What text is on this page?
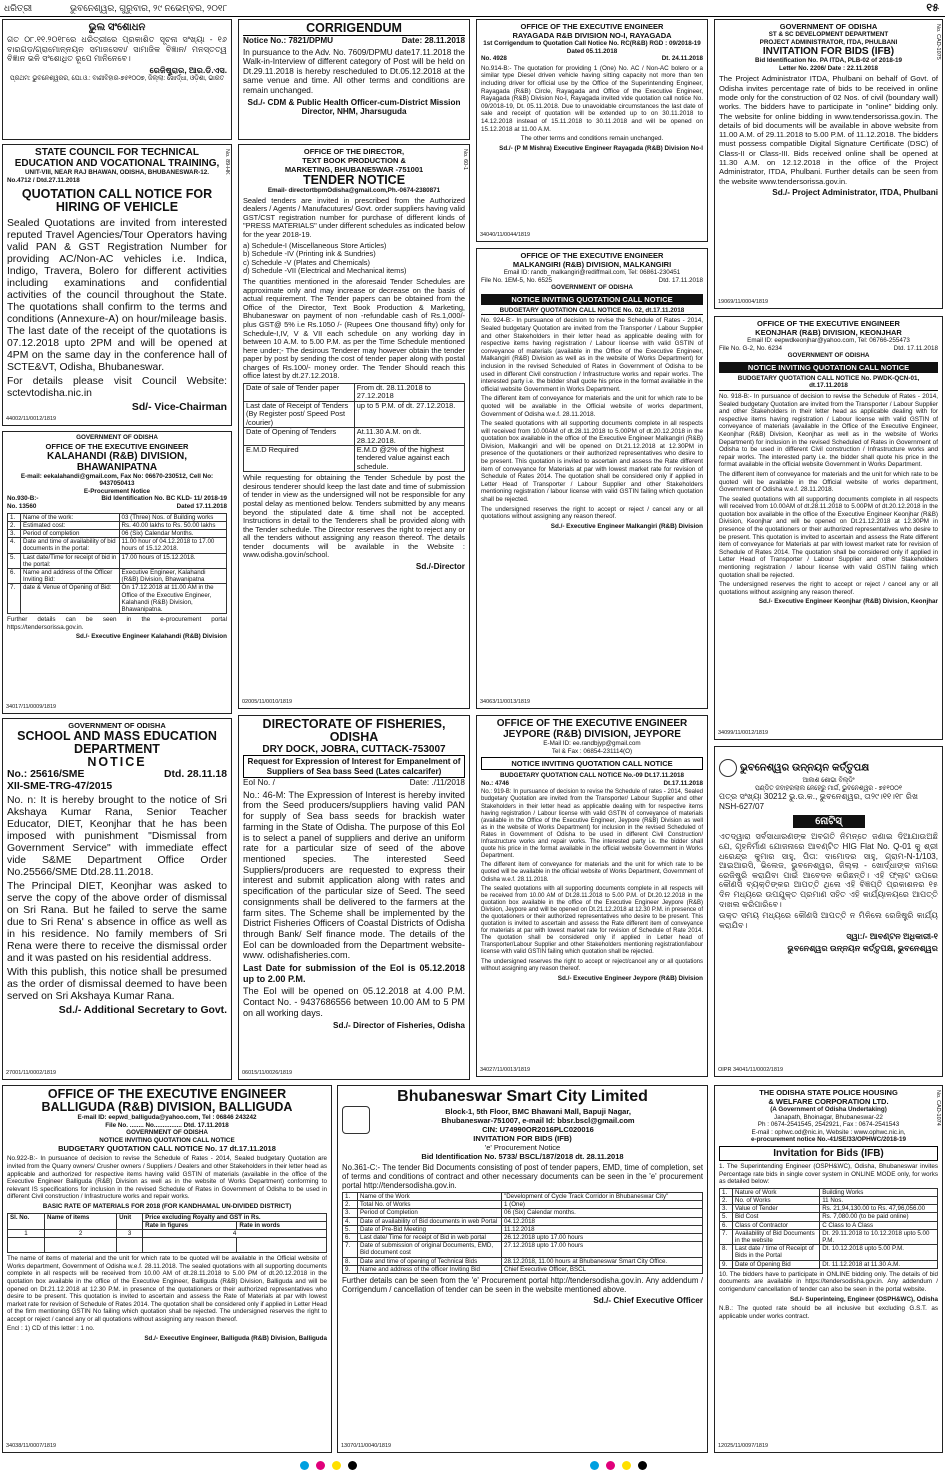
ଧରିତ୍ରୀ	ଭୁବନେଶ୍ୱର, ଗୁରୁବାର, ୨୯ ନଭେମ୍ବର, ୨୦୧୮	୧୫
ଭୁଲ ସଂଶୋଧନ
ଗତ ୦୮.୧୧.୨୦୧୮ରେ ଧରିତ୍ରୀରେ ପ୍ରକାଶିତ ସୂଚନା ସଂଖ୍ୟା - ୧୬ ବାରଗଡ଼/ଗ୍ରାମୋନ୍ନୟନ ସମାଜସେବା/ ସାମାଜିକ ବିଜ୍ଞାନ/ ମନସ୍ତତ୍ୱ ବିଜ୍ଞାନ ଭଳି ସଂଶୋଧିତ ରୂପେ ମାନିନେବେ।
ରେଜିଷ୍ଟ୍ରାର, ଆର.ଡି.ଏସ.
ପ୍ରଥମ: ଭୁବନେଶ୍ୱରର, ଘୋ.ଓ.: ବାଣୀବିହାର-୭୫୧୦୦୭, ଜିଲ୍ଲା: ଖୋର୍ଦ୍ଧା, ଓଡ଼ିଶା, ଭାରତ
CORRIGENDUM
Notice No.: 7821/DPMU	Date: 28.11.2018
In pursuance to the Adv. No. 7609/DPMU date17.11.2018 the Walk-in-Interview of different category of Post will be held on Dt.29.11.2018 is hereby rescheduled to Dt.05.12.2018 at the same venue and time. All other terms and conditions are remain unchanged.
Sd./- CDM & Public Health Officer-cum-District Mission Director, NHM, Jharsuguda
OFFICE OF THE EXECUTIVE ENGINEER
RAYAGADA R&B DIVISION NO-I, RAYAGADA
1st Corrigendum to Quotation Call Notice No. RC(R&B) RGD : 09/2018-19 Dated 05.11.2018
No. 4928	Dt. 24.11.2018
No.914-B:- The quotation for providing 1 (One) No. AC / Non-AC bolero or a similar type Diesel driven vehicle having sitting capacity not more than ten including driver for official use by the Office of the Superintending Engineer, Rayagada (R&B) Circle, Rayagada and Office of the Executive Engineer, Rayagada (R&B) Division No-I, Rayagada invited vide quotation call notice No. 09/2018-19, Dt. 05.11.2018. Due to unavoidable circumstances the last date of sale and receipt of quotation will be extended up to on 30.11.2018 to 14.12.2018 instead of 15.11.2018 to 30.11.2018 and will be opened on 15.12.2018 at 11.00 A.M.
The other terms and conditions remain unchanged.
Sd./- (P M Mishra) Executive Engineer Rayagada (R&B) Division No-I
34040/11/0044/1819
No. CAD-1075
GOVERNMENT OF ODISHA
ST & SC DEVELOPMENT DEPARTMENT
PROJECT ADMINISTRATOR, ITDA, PHULBANI
INVITATION FOR BIDS (IFB)
Bid Identification No. PA ITDA, PLB-02 of 2018-19
Letter No. 2206/ Date : 22.11.2018
The Project Administrator ITDA, Phulbani on behalf of Govt. of Odisha invites percentage rate of bids to be received in online mode only for the construction of 02 Nos. of civil (boundary wall) works. The bidders have to participate in "online" bidding only. The website for online bidding in www.tendersorissa.gov.in. The details of bid documents will be available in above website from 11.00 A.M. of 29.11.2018 to 5.00 P.M. of 11.12.2018. The bidders must possess compatible Digital Signature Certificate (DSC) of Class-II or Class-III. Bids received online shall be opened at 11.30 A.M. on 12.12.2018 in the office of the Project Administrator, ITDA, Phulbani. Further details can be seen from the website www.tendersorissa.gov.in.
Sd./- Project Administrator, ITDA, Phulbani
19069/11/0004/1819
No. 89-HK
STATE COUNCIL FOR TECHNICAL
EDUCATION AND VOCATIONAL TRAINING,
UNIT-VIII, NEAR RAJ BHAWAN, ODISHA, BHUBANESWAR-12.
No.4712 / Dtd.27.11.2018
QUOTATION CALL NOTICE FOR HIRING OF VEHICLE
Sealed Quotations are invited from interested reputed Travel Agencies/Tour Operators having valid PAN & GST Registration Number for providing AC/Non-AC vehicles i.e. Indica, Indigo, Travera, Bolero for different activities including examinations and confidential activities of the council throughout the State. The quotations shall confirm to the terms and conditions (Annexure-A) on hour/mileage basis. The last date of the receipt of the quotations is 07.12.2018 upto 2PM and will be opened at 4PM on the same day in the conference hall of SCTE&VT, Odisha, Bhubaneswar.
For details please visit Council Website: sctevtodisha.nic.in
Sd/- Vice-Chairman
44002/11/0012/1819
No. 60-1
OFFICE OF THE DIRECTOR,
TEXT BOOK PRODUCTION &
MARKETING, BHUBANE5WAR -751001
TENDER NOTICE
Email- directortbpmOdisha@gmail.com,Ph.-0674-2380871
Sealed tenders are invited in prescribed from the Authorized dealers / Agents / Manufacutures/ Govt. order suppliers having valid GST/CST registration number for purchase of different kinds of "PRESS MATERIALS" under different schedules as indicated below for the year 2018-19.
a) Schedule-I (Miscellaneous Store Articles)
b) Schedule -IV (Printing ink & Sundries)
c) Schedule -V (Plates and Chemicals)
d) Schedule -VII (Electrical and Mechanical items)
The quantities mentioned in the aforesaid Tender Schedules are approximate only and may increase or decrease on the basis of actual requirement. The Tender papers can be obtained from the Office of the Director, Text Book Production & Marketing, Bhubaneswar on payment of non -refundable cash of Rs.1,000/-plus GST@ 5% i.e Rs.1050 /- (Rupees One thousand fifty) only for Schedule-I,IV, V & VII each schedule on any working day in between 10 A.M. to 5.00 P.M. as per the Time Schedule mentioned here under;- The desirous Tenderer may however obtain the tender paper by post by sending the cost of tender paper along with postal charges of Rs.100/- money order. The Tender Should reach this office latest by dt.27.12.2018.
Date of sale of Tender paper	From dt. 28.11.2018 to 27.12.2018
Last date of Receipt of Tenders (By Register post/ Speed Post /courier)	up to 5 P.M. of dt. 27.12.2018.
Date of Opening of Tenders	At.11.30 A.M. on dt. 28.12.2018.
E.M.D Required	E.M.D @2% of the highest tendered value against each schedule.
While requesting for obtaining the Tender Schedule by post the desirous tenderer should keep the last date and time of submission of tender in view as the undersigned will not be responsible for any postal delay as mentioned below. Tenders submitted by any means beyond the stipulated date & time shall not be accepted. Instructions in detail to the Tenderers shall be provided along with the Tender schedule. The Director reserves the right to reject any or all the tenders without assigning any reason thereof. The details tender documents will be available in the Website : www.odisha.gov.in/school.
Sd./-Director
02005/11/0010/1819
OFFICE OF THE EXECUTIVE ENGINEER
MALKANGIRI (R&B) DIVISION, MALKANGIRI
Email ID: randb_malkangiri@rediffmail.com, Tel: 06861-230451
File No. 1EM-5, No. 6525	Dtd. 17.11.2018
GOVERNMENT OF ODISHA
NOTICE INVITING QUOTATION CALL NOTICE
BUDGETARY QUOTATION CALL NOTICE No. 02, dt.17.11.2018
No. 924-B:- In pursuance of decision to revise the Schedule of Rates - 2014, Sealed budgetary Quotation are invited from the Transporter / Labour Supplier and other Stakeholders in their letter head as applicable dealing with for respective items having registration / Labour license with valid GSTIN of conveyance of materials (available in the Office of the Executive Engineer, Malkangiri (R&B) Division as well as in the website of Works Department) for inclusion in the revised Scheduled of Rates in Government of Odisha to be used in different Civil construction / Infrastructure works and repair works. The interested party i.e. the bidder shall quote his price in the format available in the official website Government in Works Department.
The different item of conveyance for materials and the unit for which rate to be quoted will be available in the Official website of works department, Government of Odisha w.e.f. 28.11.2018.
The sealed quotations with all supporting documents complete in all respects will received from 10.00AM of dt.28.11.2018 to 5.00PM of dt.20.12.2018 in the quotation box available in the office of the Executive Engineer Malkangiri (R&B) Division, Malkangiri and will be opened on Dt.21.12.2018 at 12.30PM in presence of the quotationers or their authorized representatives who desire to be present. This quotation is invited to ascertain and assess the Rate different item of conveyance for Materials at par with lowest market rate for revision of Schedule of Rates 2014. The quotation shall be considered only if applied in Letter Head of Transporter / Labour Supplier and other Stakeholders mentioning registration / labour license with valid GSTIN failing which quotation shall be rejected.
The undersigned reserves the right to accept or reject / cancel any or all quotations without assigning any reason thereof.
Sd./- Executive Engineer Malkangiri (R&B) Division
34063/11/0013/1819
OFFICE OF THE EXECUTIVE ENGINEER
KEONJHAR (R&B) DIVISION, KEONJHAR
Email ID: eepwdkeonjhar@yahoo.com, Tel: 06766-255473
File No. G-2, No. 6234	Dtd. 17.11.2018
GOVERNMENT OF ODISHA
NOTICE INVITING QUOTATION CALL NOTICE
BUDGETARY QUOTATION CALL NOTICE No. PWDK-QCN-01, dt.17.11.2018
No. 918-B:- In pursuance of decision to revise the Schedule of Rates - 2014, Sealed budgetary Quotation are invited from the Transporter / Labour Supplier and other Stakeholders in their letter head as applicable dealing with for respective items having registration / Labour license with valid GSTIN of conveyance of materials (available in the Office of the Executive Engineer, Keonjhar (R&B) Division, Keonjhar as well as in the website of Works Department) for inclusion in the revised Scheduled of Rates in Government of Odisha to be used in different Civil construction / Infrastructure works and repair works. The interested party i.e. the bidder shall quote his price in the format available in the official website Government in Works Department.
The different item of conveyance for materials and the unit for which rate to be quoted will be available in the Official website of works department, Government of Odisha w.e.f. 28.11.2018.
The sealed quotations with all supporting documents complete in all respects will received from 10.00AM of dt.28.11.2018 to 5.00PM of dt.20.12.2018 in the quotation box available in the office of the Executive Engineer Keonjhar (R&B) Division, Keonjhar and will be opened on Dt.21.12.2018 at 12.30PM in presence of the quotationers or their authorized representatives who desire to be present. This quotation is invited to ascertain and assess the Rate different item of conveyance for Materials at par with lowest market rate for revision of Schedule of Rates 2014. The quotation shall be considered only if applied in Letter Head of Transporter / Labour Supplier and other Stakeholders mentioning registration / labour license with valid GSTIN failing which quotation shall be rejected.
The undersigned reserves the right to accept or reject / cancel any or all quotations without assigning any reason thereof.
Sd./- Executive Engineer Keonjhar (R&B) Division, Keonjhar
34099/11/0012/1819
GOVERNMENT OF ODISHA
OFFICE OF THE EXECUTIVE ENGINEER
KALAHANDI (R&B) DIVISION,
BHAWANIPATNA
E-mail: eekalahandi@gmail.com, Fax No: 06670-230512, Cell No: 9437050413
E-Procurement Notice
No.930-B:-	Bid Identification No. BC KLD- 11/ 2018-19
No. 13560	Dated 17.11.2018
1.	Name of the work:	03 (Three) Nos. of Building works
2.	Estimated cost:	Rs. 40.00 lakhs to Rs. 50.00 lakhs
3.	Period of completion	06 (Six) Calendar Months.
4.	Date and time of availability of bid documents in the portal:	11.00 hour of 04.12.2018 to 17.00 hours of 15.12.2018.
5.	Last date/Time for receipt of bid in the portal:	17.00 hours of 15.12.2018.
6.	Name and address of the Officer Inviting Bid:	Executive Engineer, Kalahandi (R&B) Division, Bhawanipatna
7.	date & Venue of Opening of Bid:	On 17.12.2018 at 11.00 AM in the Office of the Executive Engineer, Kalahandi (R&B) Division, Bhawanipatna.
Further details can be seen in the e-procurement portal https://tendersorissa.gov.in.
Sd./- Executive Engineer Kalahandi (R&B) Division
34017/11/0009/1819
GOVERNMENT OF ODISHA
SCHOOL AND MASS EDUCATION DEPARTMENT
NOTICE
No.: 25616/SME	Dtd. 28.11.18
XII-SME-TRG-47/2015
No. n: It is hereby brought to the notice of Sri Akshaya Kumar Rana, Senior Teacher Educator, DIET, Keonjhar that he has been imposed with punishment "Dismissal from Government Service" with immediate effect vide S&ME Department Office Order No.25566/SME Dtd.28.11.2018.
The Principal DIET, Keonjhar was asked to serve the copy of the above order of dismissal on Sri Rana. But he failed to serve the same due to Sri Rena' s absence in office as well as in his residence. No family members of Sri Rena were there to receive the dismissal order and it was pasted on his residential address.
With this publish, this notice shall be presumed as the order of dismissal deemed to have been served on Sri Akshaya Kumar Rana.
Sd./- Additional Secretary to Govt.
27001/11/0002/1819
DIRECTORATE OF FISHERIES, ODISHA
DRY DOCK, JOBRA, CUTTACK-753007
Request for Expression of Interest for Empanelment of Suppliers of Sea bass Seed (Lates calcarifer)
EoI No. /	Date: ./11/2018
No.: 46-M: The Expression of Interest is hereby invited from the Seed producers/suppliers having valid PAN for supply of Sea bass seeds for brackish water farming in the State of Odisha. The purpose of this EoI is to select a panel of suppliers and derive an uniform rate for a particular size of seed of the above mentioned species. The interested Seed Suppliers/producers are requested to express their interest and submit application along with rates and specification of the particular size of Seed. The seed consignments shall be delivered to the farmers at the farm sites. The Scheme shall be implemented by the District Fisheries Officers of Coastal Districts of Odisha through Bank/ Self finance mode. The details of the EoI can be downloaded from the Department website-www. odishafisheries.com.
Last Date for submission of the EoI is 05.12.2018 up to 2.00 P.M.
The EoI will be opened on 05.12.2018 at 4.00 P.M. Contact No. - 9437686556 between 10.00 AM to 5 PM on all working days.
Sd./- Director of Fisheries, Odisha
06015/11/0026/1819
OFFICE OF THE EXECUTIVE ENGINEER
JEYPORE (R&B) DIVISION, JEYPORE
E-Mail ID: ee.randbjyp@gmail.com
Tel & Fax : 06854-231114(O)
NOTICE INVITING QUOTATION CALL NOTICE
BUDGETARY QUOTATION CALL NOTICE No.-09 Dt.17.11.2018
No.: 4746	Dt.17.11.2018
No.: 919-B: In pursuance of decision to revise the Schedule of rates - 2014, Sealed budgetary Quotation are invited from the Transporter/ Labour Supplier and other Stakeholders in their letter head as applicable dealing with for respective items having registration / Labour license with valid GSTIN of conveyance of materials (available in the Office of the Executive Engineer, Jeypore (R&B) Division as well as in the website of Works Department) for inclusion in the revised Scheduled of Rates in Government of Odisha to be used in different Civil Construction/ Infrastructure works and repair works. The interested party i.e. the bidder shall quote his price in the format available in the official website Government in Works Department.
The different item of conveyance for materials and the unit for which rate to be quoted will be available in the official website of Works Department, Government of Odisha w.e.f. 28.11.2018.
The sealed quotations with all supporting documents complete in all respects will be received from 10.00 AM of Dt.28.11.2018 to 5.00 P.M. of Dt.20.12.2018 in the quotation box available in the office of the Executive Engineer Jeypore (R&B) Division, Jeypore and will be opened on Dt.21.12.2018 at 12.30 P.M. in presence of the quotationers or their authorized representatives who desire to be present. This quotation is invited to ascertain and assess the Rate different item of conveyance for materials at par with lowest market rate for revision of Schedule of Rate 2014. The quotation shall be considered only if applied in Letter head of Transporter/Labour Supplier and other Stakeholders mentioning registration/labour license with valid GSTIN failing which quotation shall be rejected.
The undersigned reserves the right to accept or reject/cancel any or all quotations without assigning any reason thereof.
Sd./- Executive Engineer Jeypore (R&B) Division
34027/11/0013/1819
ଭୁବନେଶ୍ୱର ଉନ୍ନୟନ କର୍ତ୍ତୃପକ୍ଷ
ଆକାଶ ଶୋଭା ବିଲ୍ଡିଂ
ପଣ୍ଡିତ ଜବାହରଲାଲ ନେହେରୁ ମାର୍ଗ, ଭୁବନେଶ୍ୱର - ୭୫୧୦୦୧
ପତ୍ର ସଂଖ୍ୟା 30212 ଭୁ.ଉ.କ., ଭୁବନେଶ୍ୱର, ତା୨୯।୧୧।୧୮ ରିଖ
NSH-627/07
ନୋଟିସ୍
ଏତଦ୍ୱାରା ସର୍ବସାଧାରଣଙ୍କ ଅବଗତି ନିମନ୍ତେ ଜଣାଇ ଦିଆଯାଉଅଛି ଯେ, ଗୃହନିର୍ମାଣ ଯୋଜନାରେ ଆବଣ୍ଟିତ HIG Flat No. Q-01 କୁ ଶ୍ରୀ ଧରେନ୍ଦ୍ର କୁମାର ସାହୁ, ପିତା: ଦାମୋଦର ସାହୁ, ଗ୍ରାମ-N-1/103, ଆଇଆରସି, ଭିଲେଜ, ଭୁବନେଶ୍ୱର, ଜିଲ୍ଲା - ଖୋର୍ଦ୍ଧାଙ୍କ ନାମରେ ରେଜିଷ୍ଟ୍ରି କରାଯିବା ପାଇଁ ଆବେଦନ କରିଛନ୍ତି। ଏହି ଫ୍ଲାଟ ଉପରେ କୌଣସି ବ୍ୟକ୍ତିଙ୍କର ଆପତ୍ତି ଥିଲେ ଏହି ବିଜ୍ଞପ୍ତି ପ୍ରକାଶନର ୧୫ ଦିନ ମଧ୍ୟରେ ଉପଯୁକ୍ତ ପ୍ରମାଣ ସହିତ ଏହି କାର୍ଯ୍ୟାଳୟରେ ଆପତ୍ତି ଦାଖଲ କରିପାରିବେ।
ଉକ୍ତ ସମୟ ମଧ୍ୟରେ କୌଣସି ଆପତ୍ତି ନ ମିଳିଲେ ରେଜିଷ୍ଟ୍ରି କାର୍ଯ୍ୟ କରାଯିବ।
ସ୍ୱା:/- ଆବଣ୍ଟନ ଅଧିକାରୀ-୧
ଭୁବନେଶ୍ୱର ଉନ୍ନୟନ କର୍ତ୍ତୃପକ୍ଷ, ଭୁବନେଶ୍ୱର
OIPR 34041/11/0002/1819
OFFICE OF THE EXECUTIVE ENGINEER
BALLIGUDA (R&B) DIVISION, BALLIGUDA
E-mail ID: eepwd_balliguda@yahoo.com, Tel : 06846 243242
File No. ........ No................ Dtd. 17.11.2018
GOVERNMENT OF ODISHA
NOTICE INVITING QUOTATION CALL NOTICE
BUDGETARY QUOTATION CALL NOTICE No. 17 dt.17.11.2018
No.922-B:- In pursuance of decision to revise the Schedule of Rates - 2014, Sealed budgetary Quotation are invited from the Quarry owners/ Crusher owners / Suppliers / Dealers and other Stakeholders in their letter head as applicable and authorized for respective items having valid GSTIN of materials (available in the office of the Executive Engineer Balliguda (R&B) Division as well as in the website of Works Department) conforming to relevant IS specifications for inclusion in the revised Schedule of Rates in Government of Odisha to be used in different Civil construction / Infrastructure works and repair works.
BASIC RATE OF MATERIALS FOR 2018 (FOR KANDHAMAL UN-DIVIDED DISTRICT)
Sl. No.	Name of items	Unit	Price excluding Royalty and GST in Rs.	
			Rate in figures	Rate in words
1	2	3	4	

The name of items of material and the unit for which rate to be quoted will be available in the Official website of Works department, Government of Odisha w.e.f. 28.11.2018. The sealed quotations with all supporting documents complete in all respects will be received from 10.00 AM of dt.28.11.2018 to 5.00 PM of dt.20.12.2018 in the quotation box available in the office of the Executive Engineer, Balliguda (R&B) Division, Balliguda and will be opened on Dt.21.12.2018 at 12.30 P.M. in presence of the quotationers or their authorized representatives who desire to be present. This quotation is invited to ascertain and assess the Rate of Materials at par with lowest market rate for revision of Schedule of Rates 2014. The quotation shall be considered only if applied in Letter Head of the firm mentioning GSTIN No failing which quotation shall be rejected. The undersigned reserves the right to accept or reject / cancel any or all quotations without assigning any reason thereof.
Encl : 1) CD of this letter : 1 no.
Sd./- Executive Engineer, Balliguda (R&B) Division, Balliguda
34038/11/0007/1819
Bhubaneswar Smart City Limited
Block-1, 5th Floor, BMC Bhawani Mall, Bapuji Nagar,
Bhubaneswar-751007, e-mail Id: bbsr.bscl@gmail.com
CIN: U74990OR2016PLC020016
INVITATION FOR BIDS (IFB)
'e' Procurement Notice
Bid Identification No. 5733/ BSCL/187/2018 dt. 28.11.2018
No.361-C:- The tender Bid Documents consisting of post of tender papers, EMD, time of completion, set of terms and conditions of contract and other necessary documents can be seen in the 'e' procurement portal http://tendersodisha.gov.in.
1.	Name of the Work	"Development of Cycle Track Corridor in Bhubaneswar City"
2.	Total No. of Works	1 (One)
3.	Period of Completion	06 (Six) Calendar months.
4.	Date of availability of Bid documents in web Portal	04.12.2018
5.	Date of Pre-Bid Meeting	11.12.2018
6.	Last date/ Time for receipt of Bid in web portal	26.12.2018 upto 17.00 hours
7.	Date of submission of original Documents, EMD, Bid document cost	27.12.2018 upto 17.00 hours
8.	Date and time of opening of Technical Bids	28.12.2018, 11.00 hours at Bhubaneswar Smart City Office.
9.	Name and address of the officer Inviting Bid	Chief Executive Officer, BSCL
Further details can be seen from the 'e' Procurement portal http://tendersodisha.gov.in. Any addendum / Corrigendum / cancellation of tender can be seen in the website mentioned above.
Sd./- Chief Executive Officer
13070/11/0040/1819
No. CAD-1074
THE ODISHA STATE POLICE HOUSING
& WELFARE CORPORATION LTD.
(A Government of Odisha Undertaking)
Janapath, Bhoinagar, Bhubaneswar-22
Ph : 0674-2541545, 2542921, Fax : 0674-2541543
E-mail : ophwc.od@nic.in, Website : www.ophwc.nic.in,
e-procurement notice No.-41/SE/33/OPHWC/2018-19
Invitation for Bids (IFB)
1. The Superintending Engineer (OSPH&WC), Odisha, Bhubaneswar invites Percentage rate bids in single cover system in ONLINE MODE only, for works as detailed below:
1.	Nature of Work	Building Works
2.	No. of Works	11 Nos.
3.	Value of Tender	Rs. 21,94,130.00 to Rs. 47,96,056.00
5.	Bid Cost	Rs. 7,080.00 (to be paid online)
6.	Class of Contractor	C Class to A Class
7.	Availability of Bid Documents in the website	Dt. 29.11.2018 to 10.12.2018 upto 5.00 P.M.
8.	Last date / time of Receipt of Bids in the Portal	Dt. 10.12.2018 upto 5.00 P.M.
9.	Date of Opening Bid	Dt. 11.12.2018 at 11.30 A.M.
10. The bidders have to participate in ONLINE bidding only. The details of bid documents are available in https://tendersodisha.gov.in. Any addendum / corrigendum/ cancellation of tender can also be seen in the portal website.
Sd./- Superinteing, Engineer (OSPH&WC), Odisha
N.B.: The quoted rate should be all inclusive but excluding G.S.T. as applicable under works contract.
12025/11/0097/1819
